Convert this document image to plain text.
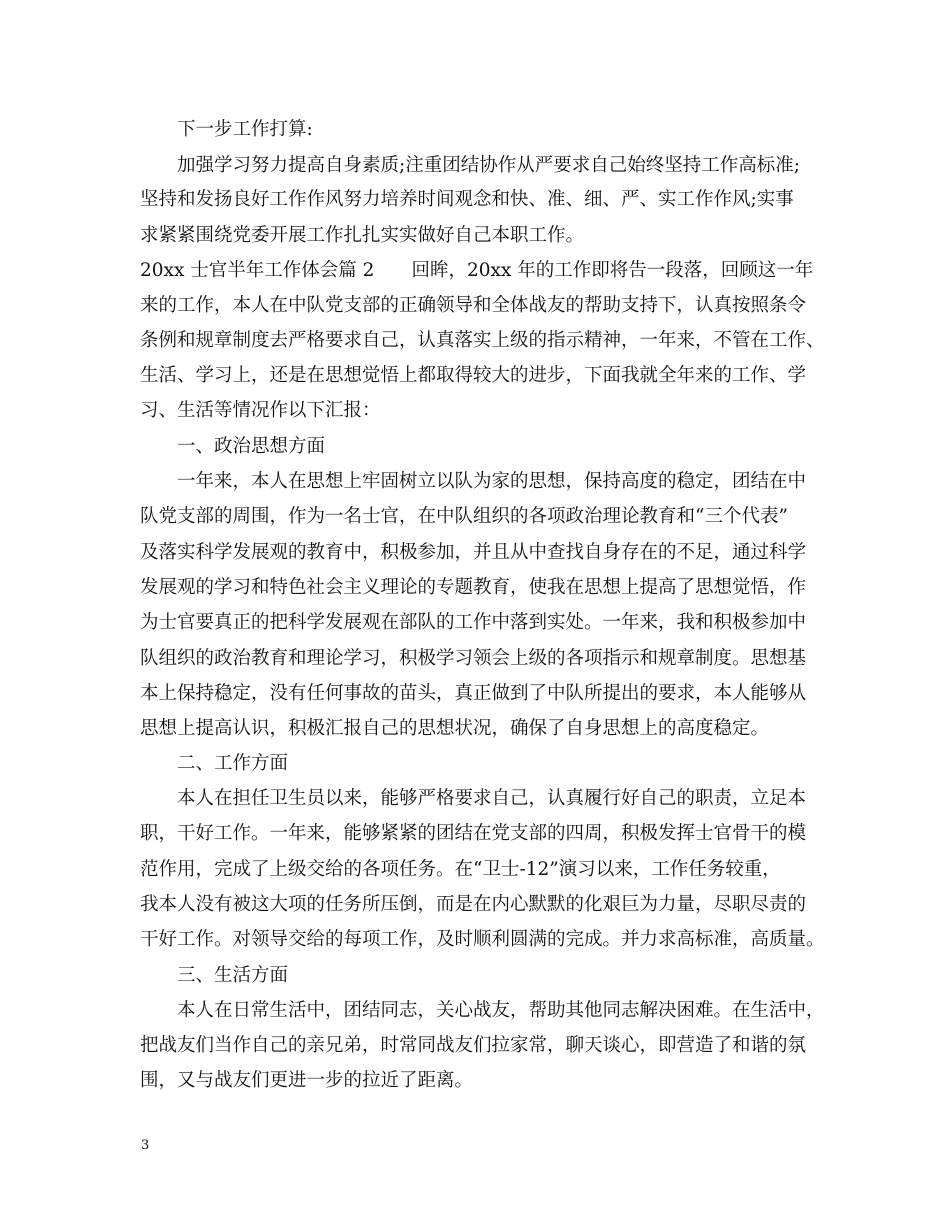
下一步工作打算:
加强学习努力提高自身素质;注重团结协作从严要求自己始终坚持工作高标准;
坚持和发扬良好工作作风努力培养时间观念和快、准、细、严、实工作作风;实事
求紧紧围绕党委开展工作扎扎实实做好自己本职工作。
20xx 士官半年工作体会篇 2　　回眸，20xx 年的工作即将告一段落，回顾这一年
来的工作，本人在中队党支部的正确领导和全体战友的帮助支持下，认真按照条令
条例和规章制度去严格要求自己，认真落实上级的指示精神，一年来，不管在工作、
生活、学习上，还是在思想觉悟上都取得较大的进步，下面我就全年来的工作、学
习、生活等情况作以下汇报：
一、政治思想方面
一年来，本人在思想上牢固树立以队为家的思想，保持高度的稳定，团结在中
队党支部的周围，作为一名士官，在中队组织的各项政治理论教育和“三个代表”
及落实科学发展观的教育中，积极参加，并且从中查找自身存在的不足，通过科学
发展观的学习和特色社会主义理论的专题教育，使我在思想上提高了思想觉悟，作
为士官要真正的把科学发展观在部队的工作中落到实处。一年来，我和积极参加中
队组织的政治教育和理论学习，积极学习领会上级的各项指示和规章制度。思想基
本上保持稳定，没有任何事故的苗头，真正做到了中队所提出的要求，本人能够从
思想上提高认识，积极汇报自己的思想状况，确保了自身思想上的高度稳定。
二、工作方面
本人在担任卫生员以来，能够严格要求自己，认真履行好自己的职责，立足本
职，干好工作。一年来，能够紧紧的团结在党支部的四周，积极发挥士官骨干的模
范作用，完成了上级交给的各项任务。在“卫士-12”演习以来，工作任务较重，
我本人没有被这大项的任务所压倒，而是在内心默默的化艰巨为力量，尽职尽责的
干好工作。对领导交给的每项工作，及时顺利圆满的完成。并力求高标准，高质量。
三、生活方面
本人在日常生活中，团结同志，关心战友，帮助其他同志解决困难。在生活中，
把战友们当作自己的亲兄弟，时常同战友们拉家常，聊天谈心，即营造了和谐的氛
围，又与战友们更进一步的拉近了距离。
3
